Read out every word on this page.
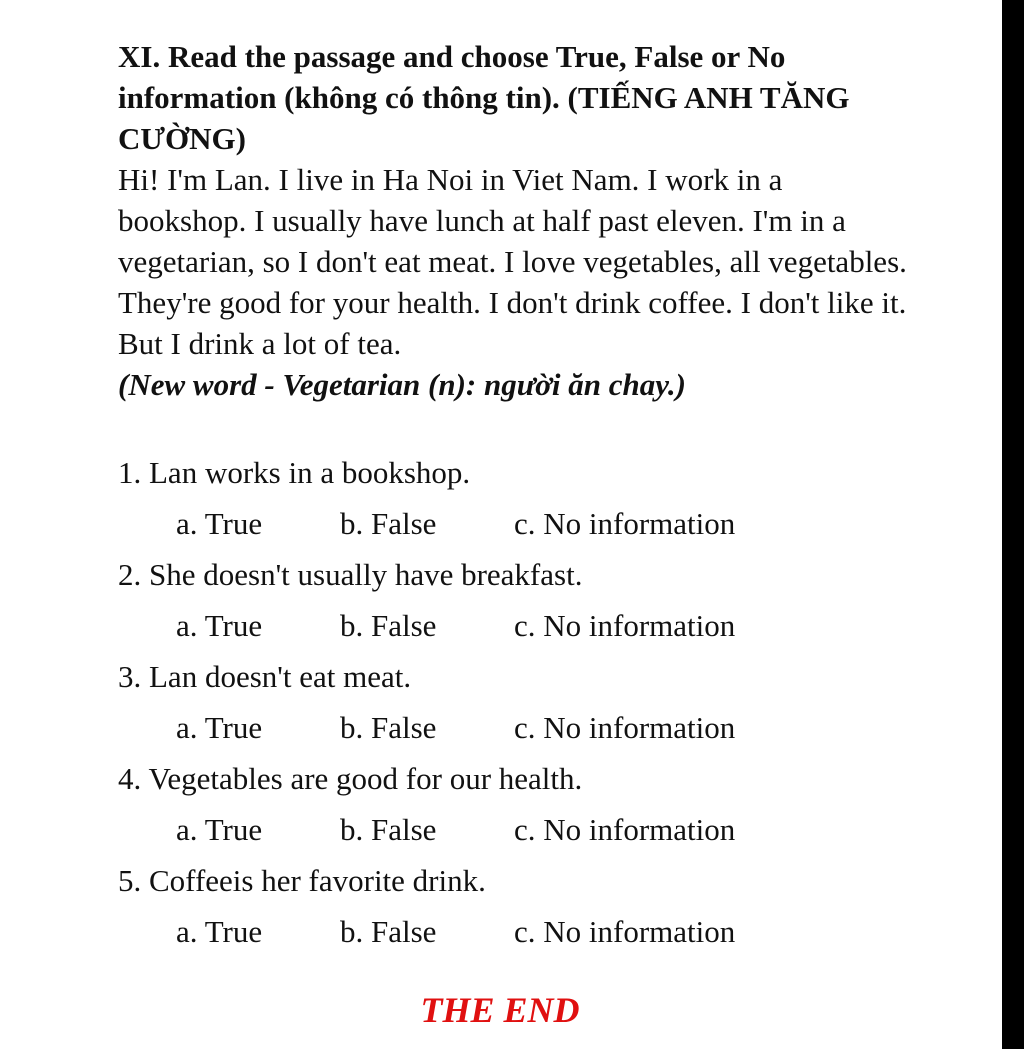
XI. Read the passage and choose True, False or No information (không có thông tin). (TIẾNG ANH TĂNG CƯỜNG)

Hi! I'm Lan. I live in Ha Noi in Viet Nam. I work in a bookshop. I usually have lunch at half past eleven. I'm in a vegetarian, so I don't eat meat. I love vegetables, all vegetables. They're good for your health. I don't drink coffee. I don't like it. But I drink a lot of tea.

(New word - Vegetarian (n): người ăn chay.)

1. Lan works in a bookshop.

a. True	b. False	c. No information

2. She doesn't usually have breakfast.

a. True	b. False	c. No information

3. Lan doesn't eat meat.

a. True	b. False	c. No information

4. Vegetables are good for our health.

a. True	b. False	c. No information

5. Coffeeis her favorite drink.

a. True	b. False	c. No information
THE END
